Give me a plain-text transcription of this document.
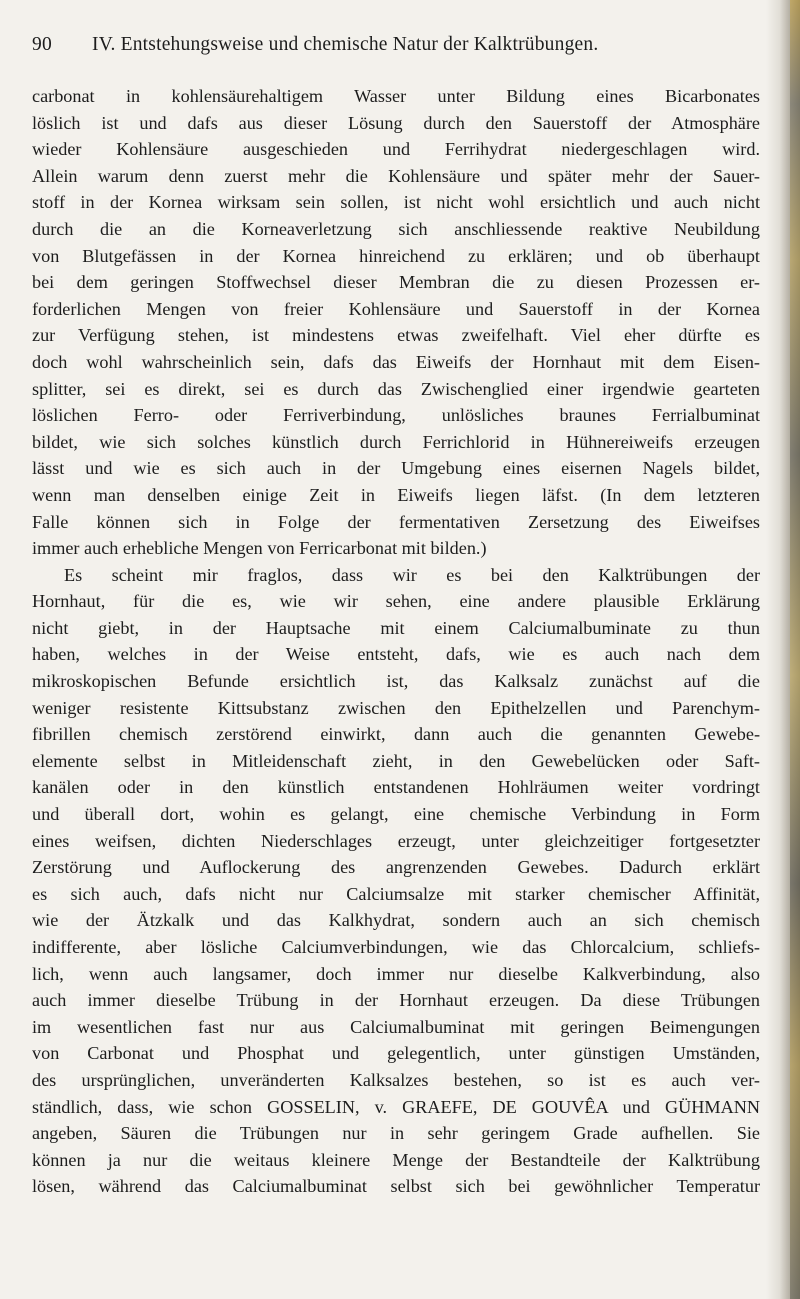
90 IV. Entstehungsweise und chemische Natur der Kalktrübungen.
carbonat in kohlensäurehaltigem Wasser unter Bildung eines Bicarbonates
löslich ist und dafs aus dieser Lösung durch den Sauerstoff der Atmosphäre
wieder Kohlensäure ausgeschieden und Ferrihydrat niedergeschlagen wird.
Allein warum denn zuerst mehr die Kohlensäure und später mehr der Sauer-
stoff in der Kornea wirksam sein sollen, ist nicht wohl ersichtlich und auch nicht
durch die an die Korneaverletzung sich anschliessende reaktive Neubildung
von Blutgefässen in der Kornea hinreichend zu erklären; und ob überhaupt
bei dem geringen Stoffwechsel dieser Membran die zu diesen Prozessen er-
forderlichen Mengen von freier Kohlensäure und Sauerstoff in der Kornea
zur Verfügung stehen, ist mindestens etwas zweifelhaft. Viel eher dürfte es
doch wohl wahrscheinlich sein, dafs das Eiweifs der Hornhaut mit dem Eisen-
splitter, sei es direkt, sei es durch das Zwischenglied einer irgendwie gearteten
löslichen Ferro- oder Ferriverbindung, unlösliches braunes Ferrialbuminat
bildet, wie sich solches künstlich durch Ferrichlorid in Hühnereiweifs erzeugen
lässt und wie es sich auch in der Umgebung eines eisernen Nagels bildet,
wenn man denselben einige Zeit in Eiweifs liegen läfst. (In dem letzteren
Falle können sich in Folge der fermentativen Zersetzung des Eiweifses
immer auch erhebliche Mengen von Ferricarbonat mit bilden.)
Es scheint mir fraglos, dass wir es bei den Kalktrübungen der
Hornhaut, für die es, wie wir sehen, eine andere plausible Erklärung
nicht giebt, in der Hauptsache mit einem Calciumalbuminate zu thun
haben, welches in der Weise entsteht, dafs, wie es auch nach dem
mikroskopischen Befunde ersichtlich ist, das Kalksalz zunächst auf die
weniger resistente Kittsubstanz zwischen den Epithelzellen und Parenchym-
fibrillen chemisch zerstörend einwirkt, dann auch die genannten Gewebe-
elemente selbst in Mitleidenschaft zieht, in den Gewebelücken oder Saft-
kanälen oder in den künstlich entstandenen Hohlräumen weiter vordringt
und überall dort, wohin es gelangt, eine chemische Verbindung in Form
eines weifsen, dichten Niederschlages erzeugt, unter gleichzeitiger fortgesetzter
Zerstörung und Auflockerung des angrenzenden Gewebes. Dadurch erklärt
es sich auch, dafs nicht nur Calciumsalze mit starker chemischer Affinität,
wie der Ätzkalk und das Kalkhydrat, sondern auch an sich chemisch
indifferente, aber lösliche Calciumverbindungen, wie das Chlorcalcium, schliefs-
lich, wenn auch langsamer, doch immer nur dieselbe Kalkverbindung, also
auch immer dieselbe Trübung in der Hornhaut erzeugen. Da diese Trübungen
im wesentlichen fast nur aus Calciumalbuminat mit geringen Beimengungen
von Carbonat und Phosphat und gelegentlich, unter günstigen Umständen,
des ursprünglichen, unveränderten Kalksalzes bestehen, so ist es auch ver-
ständlich, dass, wie schon GOSSELIN, v. GRAEFE, DE GOUVÊA und GÜHMANN
angeben, Säuren die Trübungen nur in sehr geringem Grade aufhellen. Sie
können ja nur die weitaus kleinere Menge der Bestandteile der Kalktrübung
lösen, während das Calciumalbuminat selbst sich bei gewöhnlicher Temperatur
